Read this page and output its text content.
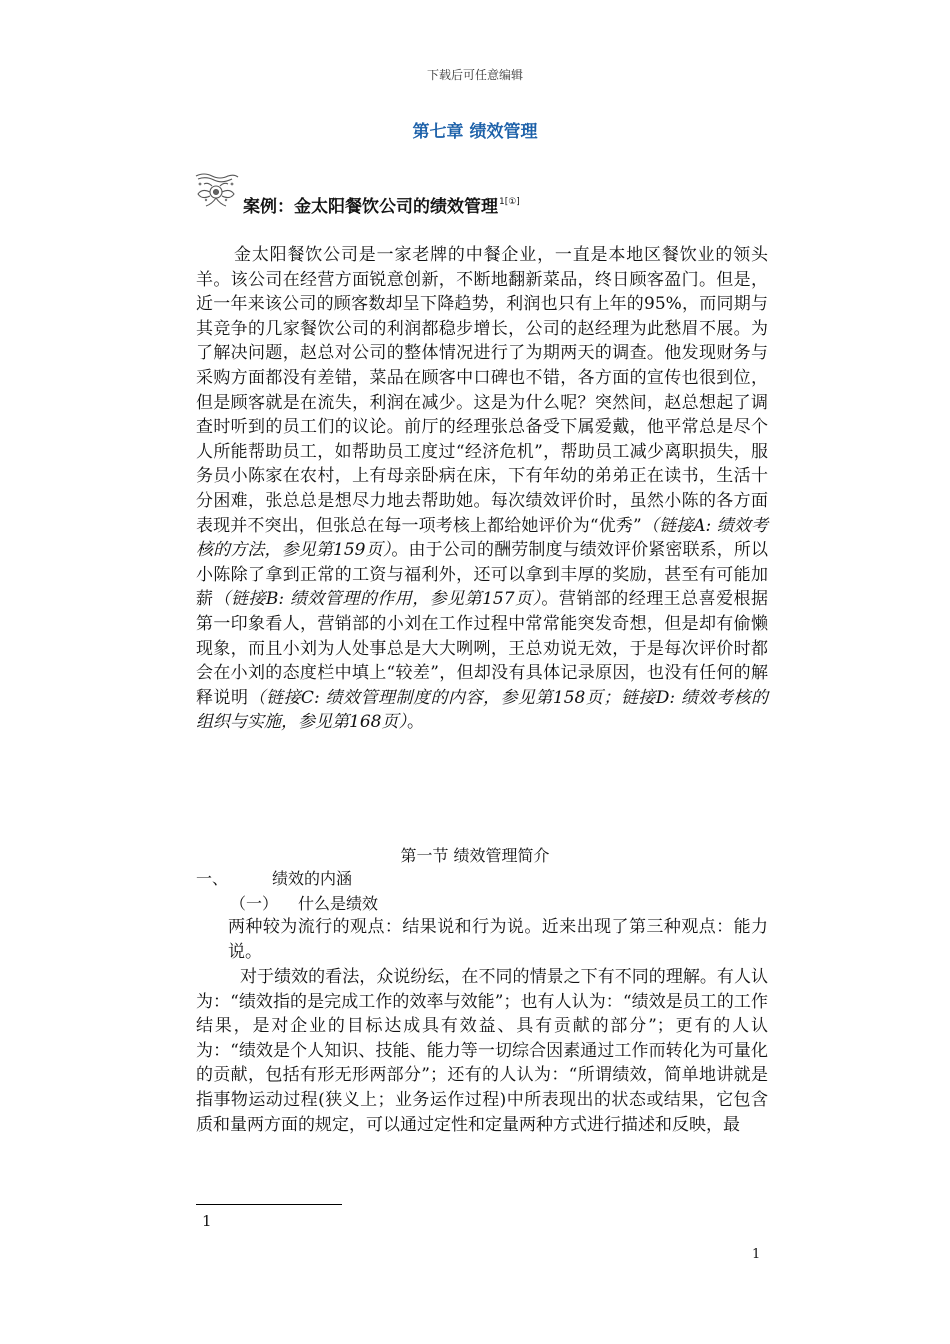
下载后可任意编辑
第七章 绩效管理
案例：金太阳餐饮公司的绩效管理$^{1[①]}$

金太阳餐饮公司是一家老牌的中餐企业，一直是本地区餐饮业的领头羊。该公司在经营方面锐意创新，不断地翻新菜品，终日顾客盈门。但是，近一年来该公司的顾客数却呈下降趋势，利润也只有上年的95%，而同期与其竞争的几家餐饮公司的利润都稳步增长，公司的赵经理为此愁眉不展。为了解决问题，赵总对公司的整体情况进行了为期两天的调查。他发现财务与采购方面都没有差错，菜品在顾客中口碑也不错，各方面的宣传也很到位，但是顾客就是在流失，利润在减少。这是为什么呢？突然间，赵总想起了调查时听到的员工们的议论。前厅的经理张总备受下属爱戴，他平常总是尽个人所能帮助员工，如帮助员工度过“经济危机”，帮助员工减少离职损失，服务员小陈家在农村，上有母亲卧病在床，下有年幼的弟弟正在读书，生活十分困难，张总总是想尽力地去帮助她。每次绩效评价时，虽然小陈的各方面表现并不突出，但张总在每一项考核上都给她评价为“优秀”（链接A: 绩效考核的方法，参见第159页）。由于公司的酬劳制度与绩效评价紧密联系，所以小陈除了拿到正常的工资与福利外，还可以拿到丰厚的奖励，甚至有可能加薪（链接B: 绩效管理的作用，参见第157页）。营销部的经理王总喜爱根据第一印象看人，营销部的小刘在工作过程中常常能突发奇想，但是却有偷懒现象，而且小刘为人处事总是大大咧咧，王总劝说无效，于是每次评价时都会在小刘的态度栏中填上“较差”，但却没有具体记录原因，也没有任何的解释说明（链接C: 绩效管理制度的内容，参见第158页；链接D: 绩效考核的组织与实施，参见第168页）。

第一节 绩效管理简介
一、	绩效的内涵
（一） 什么是绩效

两种较为流行的观点：结果说和行为说。近来出现了第三种观点：能力说。

对于绩效的看法，众说纷纭，在不同的情景之下有不同的理解。有人认为：“绩效指的是完成工作的效率与效能”；也有人认为：“绩效是员工的工作结果，是对企业的目标达成具有效益、具有贡献的部分”；更有的人认为：“绩效是个人知识、技能、能力等一切综合因素通过工作而转化为可量化的贡献，包括有形无形两部分”；还有的人认为：“所谓绩效，简单地讲就是指事物运动过程(狭义上；业务运作过程)中所表现出的状态或结果，它包含质和量两方面的规定，可以通过定性和定量两种方式进行描述和反映，最

1
1
